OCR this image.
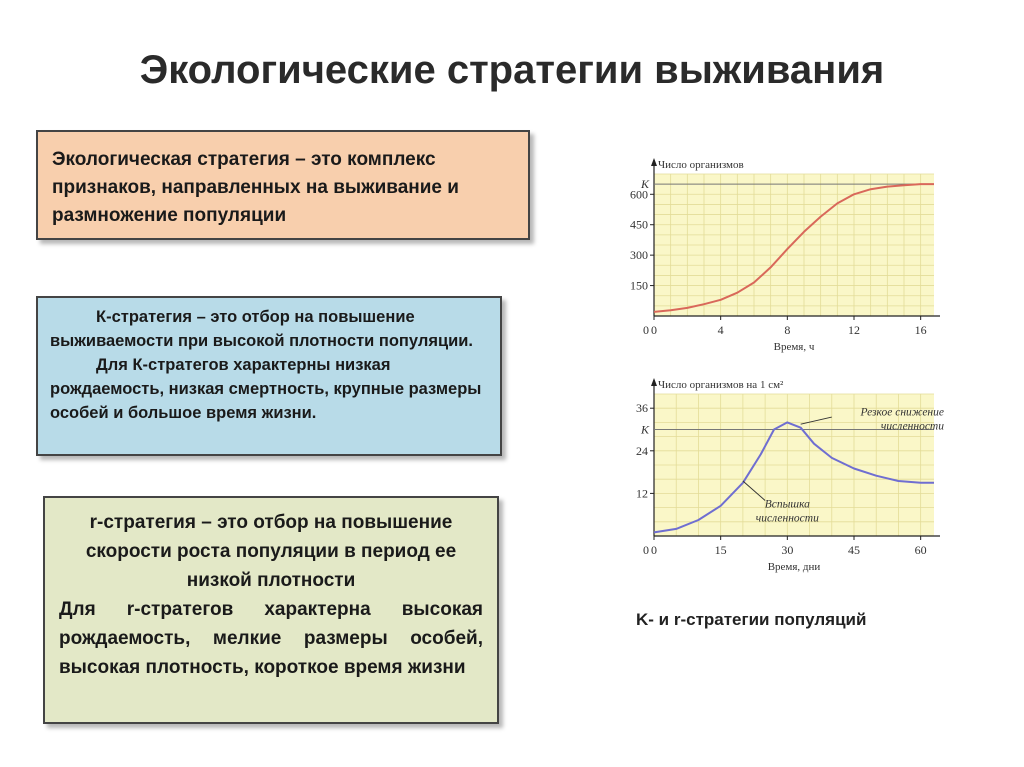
Экологические стратегии выживания

Экологическая стратегия – это комплекс признаков, направленных на выживание и размножение популяции

К-стратегия – это отбор на повышение выживаемости при высокой плотности популяции.

Для К-стратегов характерны низкая рождаемость, низкая смертность, крупные размеры особей и большое время жизни.

r-стратегия – это отбор на повышение скорости роста популяции в период ее низкой плотности

Для r-стратегов характерна высокая рождаемость, мелкие размеры особей, высокая плотность, короткое время жизни

K
0	4	8	12	16
0
150
300
450
600
Число организмов
Время, ч
K
0	15	30	45	60
0
12
24
36
Число организмов на 1 см²
Время, дни
Резкое снижение
численности
Вспышка
численности
K- и r-стратегии популяций
